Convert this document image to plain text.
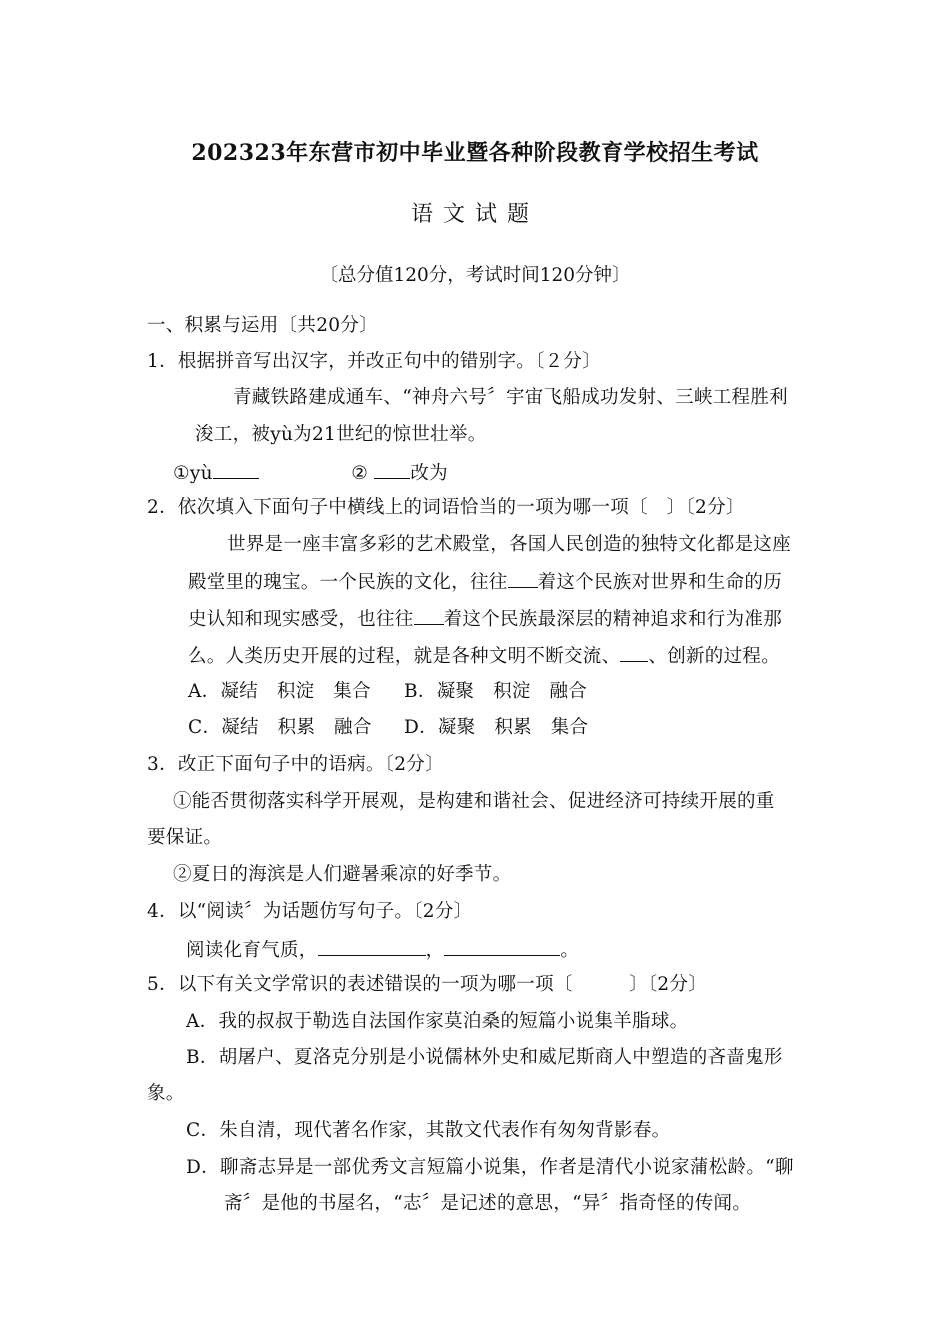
202323年东营市初中毕业暨各种阶段教育学校招生考试
语文试题
〔总分值120分，考试时间120分钟〕
一、积累与运用〔共20分〕
1．根据拼音写出汉字，并改正句中的错别字。〔２分〕
青藏铁路建成通车、“神舟六号〞宇宙飞船成功发射、三峡工程胜利
浚工，被yù为21世纪的惊世壮举。
①yù	② 改为
2．依次填入下面句子中横线上的词语恰当的一项为哪一项〔　〕〔2分〕
世界是一座丰富多彩的艺术殿堂，各国人民创造的独特文化都是这座
殿堂里的瑰宝。一个民族的文化，往往 着这个民族对世界和生命的历
史认知和现实感受，也往往 着这个民族最深层的精神追求和行为准那
么。人类历史开展的过程，就是各种文明不断交流、 、创新的过程。
A．凝结　积淀　集合 B．凝聚　积淀　融合
C．凝结　积累　融合 D．凝聚　积累　集合
3．改正下面句子中的语病。〔2分〕
①能否贯彻落实科学开展观，是构建和谐社会、促进经济可持续开展的重
要保证。
②夏日的海滨是人们避暑乘凉的好季节。
4．以“阅读〞为话题仿写句子。〔2分〕
阅读化育气质，	，	。
5．以下有关文学常识的表述错误的一项为哪一项〔　　　〕〔2分〕
A．我的叔叔于勒选自法国作家莫泊桑的短篇小说集羊脂球。
B．胡屠户、夏洛克分别是小说儒林外史和威尼斯商人中塑造的吝啬鬼形
象。
C．朱自清，现代著名作家，其散文代表作有匆匆背影春。
D．聊斋志异是一部优秀文言短篇小说集，作者是清代小说家蒲松龄。“聊
斋〞是他的书屋名，“志〞是记述的意思，“异〞指奇怪的传闻。
